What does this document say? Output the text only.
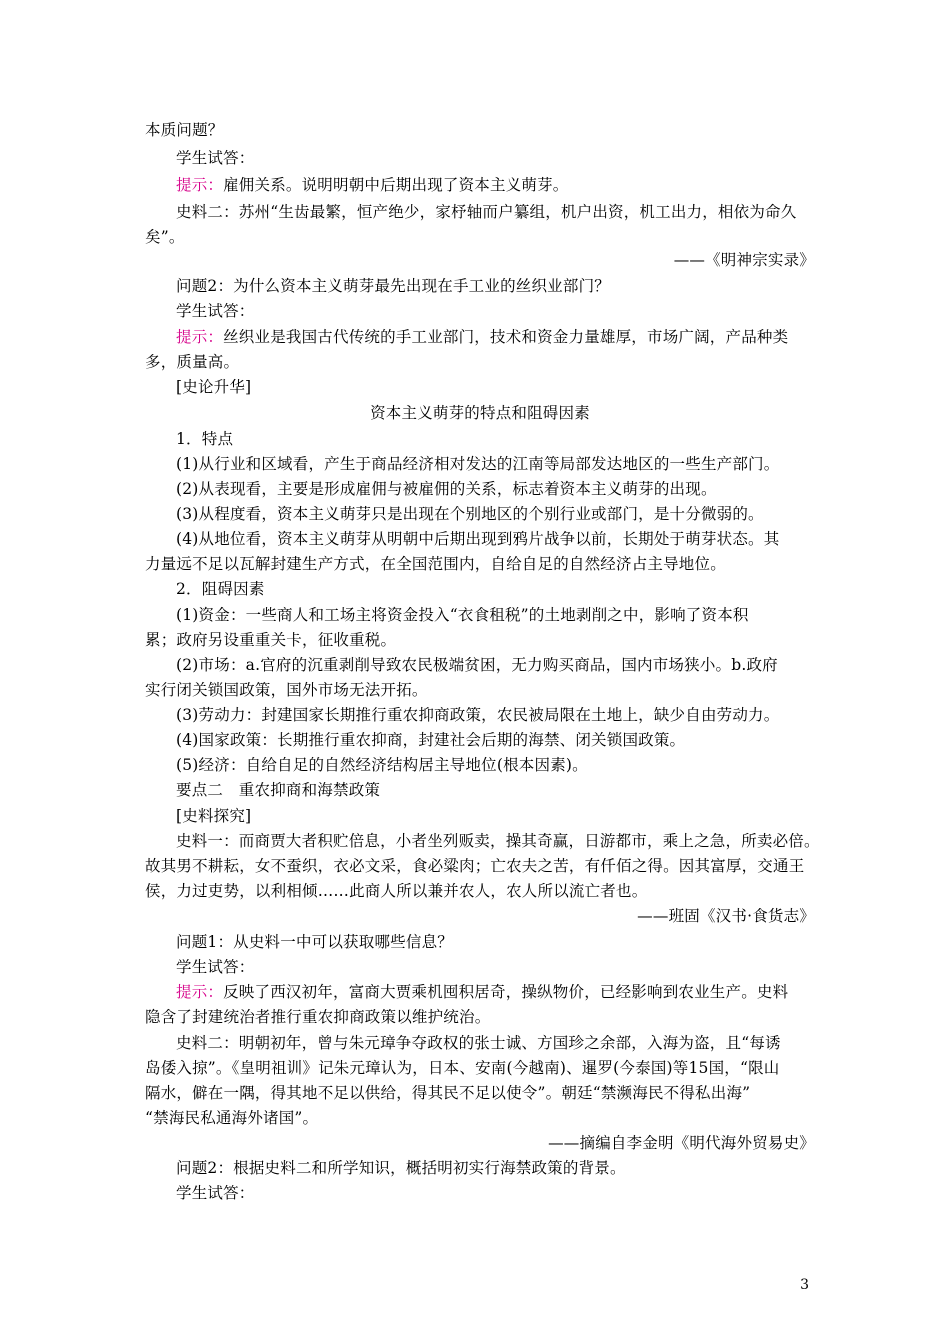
本质问题？
学生试答：
提示：雇佣关系。说明明朝中后期出现了资本主义萌芽。
史料二：苏州“生齿最繁，恒产绝少，家杼轴而户纂组，机户出资，机工出力，相依为命久
矣”。
——《明神宗实录》
问题2：为什么资本主义萌芽最先出现在手工业的丝织业部门？
学生试答：
提示：丝织业是我国古代传统的手工业部门，技术和资金力量雄厚，市场广阔，产品种类
多，质量高。
[史论升华]
资本主义萌芽的特点和阻碍因素
1．特点
(1)从行业和区域看，产生于商品经济相对发达的江南等局部发达地区的一些生产部门。
(2)从表现看，主要是形成雇佣与被雇佣的关系，标志着资本主义萌芽的出现。
(3)从程度看，资本主义萌芽只是出现在个别地区的个别行业或部门，是十分微弱的。
(4)从地位看，资本主义萌芽从明朝中后期出现到鸦片战争以前，长期处于萌芽状态。其
力量远不足以瓦解封建生产方式，在全国范围内，自给自足的自然经济占主导地位。
2．阻碍因素
(1)资金：一些商人和工场主将资金投入“衣食租税”的土地剥削之中，影响了资本积
累；政府另设重重关卡，征收重税。
(2)市场：a.官府的沉重剥削导致农民极端贫困，无力购买商品，国内市场狭小。b.政府
实行闭关锁国政策，国外市场无法开拓。
(3)劳动力：封建国家长期推行重农抑商政策，农民被局限在土地上，缺少自由劳动力。
(4)国家政策：长期推行重农抑商，封建社会后期的海禁、闭关锁国政策。
(5)经济：自给自足的自然经济结构居主导地位(根本因素)。
要点二　重农抑商和海禁政策
[史料探究]
史料一：而商贾大者积贮倍息，小者坐列贩卖，操其奇赢，日游都市，乘上之急，所卖必倍。
故其男不耕耘，女不蚕织，衣必文采，食必粱肉；亡农夫之苦，有仟佰之得。因其富厚，交通王
侯，力过吏势，以利相倾……此商人所以兼并农人，农人所以流亡者也。
——班固《汉书·食货志》
问题1：从史料一中可以获取哪些信息？
学生试答：
提示：反映了西汉初年，富商大贾乘机囤积居奇，操纵物价，已经影响到农业生产。史料
隐含了封建统治者推行重农抑商政策以维护统治。
史料二：明朝初年，曾与朱元璋争夺政权的张士诚、方国珍之余部，入海为盗，且“每诱
岛倭入掠”。《皇明祖训》记朱元璋认为，日本、安南(今越南)、暹罗(今泰国)等15国，“限山
隔水，僻在一隅，得其地不足以供给，得其民不足以使令”。朝廷“禁濒海民不得私出海”
“禁海民私通海外诸国”。
——摘编自李金明《明代海外贸易史》
问题2：根据史料二和所学知识，概括明初实行海禁政策的背景。
学生试答：
3
